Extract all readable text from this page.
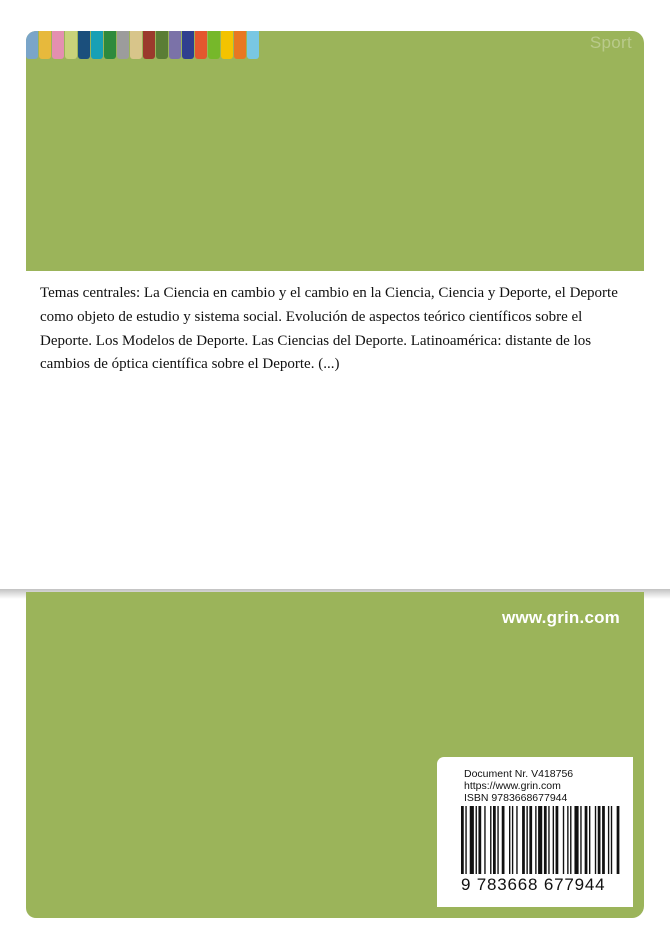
Sport

Temas centrales: La Ciencia en cambio y el cambio en la Ciencia, Ciencia y Deporte, el Deporte como objeto de estudio y sistema social. Evolución de aspectos teórico científicos sobre el Deporte. Los Modelos de Deporte. Las Ciencias del Deporte. Latinoamérica: distante de los cambios de óptica científica sobre el Deporte. (...)

www.grin.com
Document Nr. V418756
https://www.grin.com
ISBN 9783668677944
9 783668 677944
